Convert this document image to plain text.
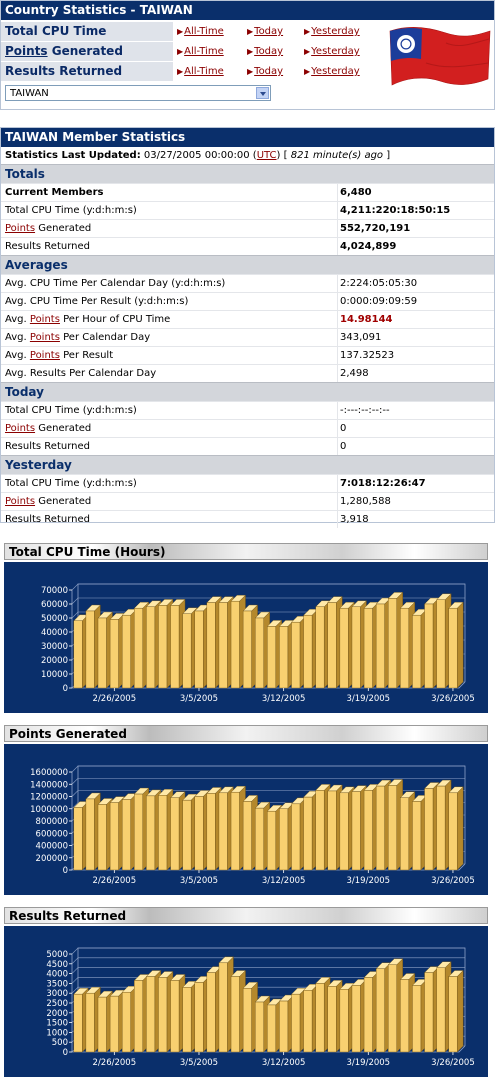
Country Statistics - TAIWAN
Total CPU Time	▶All-Time	▶Today	▶Yesterday
Points Generated	▶All-Time	▶Today	▶Yesterday
Results Returned	▶All-Time	▶Today	▶Yesterday
TAIWAN
TAIWAN Member Statistics
Statistics Last Updated: 03/27/2005 00:00:00 (UTC) [ 821 minute(s) ago ]
Totals
Current Members	6,480
Total CPU Time (y:d:h:m:s)	4,211:220:18:50:15
Points Generated	552,720,191
Results Returned	4,024,899
Averages
Avg. CPU Time Per Calendar Day (y:d:h:m:s)	2:224:05:05:30
Avg. CPU Time Per Result (y:d:h:m:s)	0:000:09:09:59
Avg. Points Per Hour of CPU Time	14.98144
Avg. Points Per Calendar Day	343,091
Avg. Points Per Result	137.32523
Avg. Results Per Calendar Day	2,498
Today
Total CPU Time (y:d:h:m:s)	-:---:--:--:--
Points Generated	0
Results Returned	0
Yesterday
Total CPU Time (y:d:h:m:s)	7:018:12:26:47
Points Generated	1,280,588
Results Returned	3,918
Total CPU Time (Hours)
0
10000
20000
30000
40000
50000
60000
70000
2/26/2005	3/5/2005	3/12/2005	3/19/2005	3/26/2005
Points Generated
0
200000
400000
600000
800000
1000000
1200000
1400000
1600000
2/26/2005	3/5/2005	3/12/2005	3/19/2005	3/26/2005
Results Returned
0
500
1000
1500
2000
2500
3000
3500
4000
4500
5000
2/26/2005	3/5/2005	3/12/2005	3/19/2005	3/26/2005
